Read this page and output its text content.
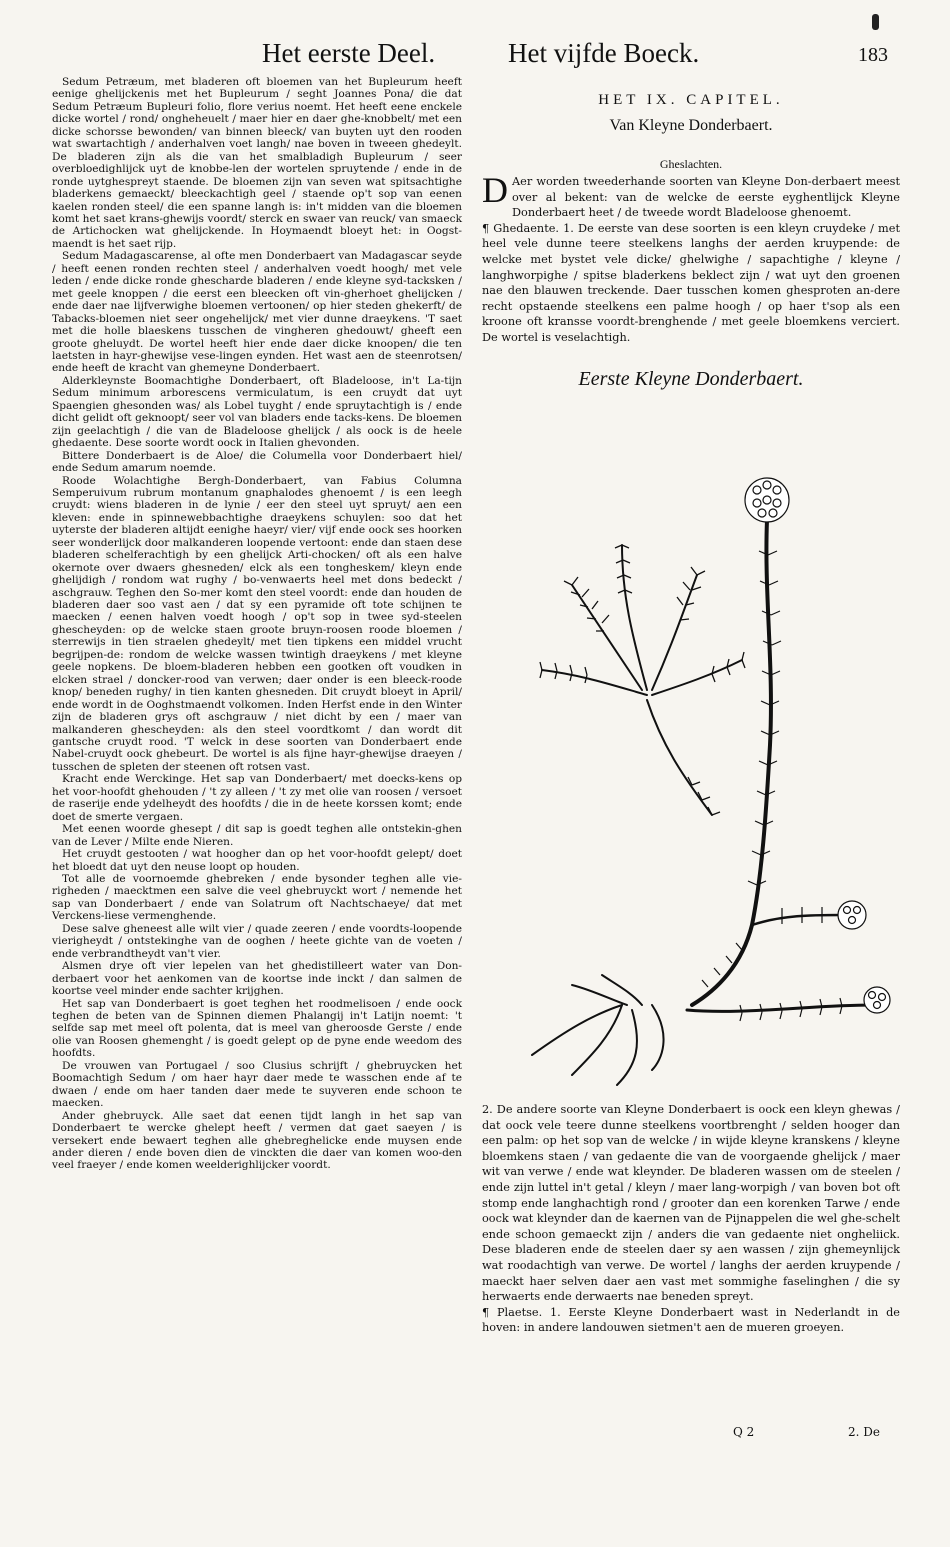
Het eerste Deel.	Het vijfde Boeck.	183

Sedum Petræum, met bladeren oft bloemen van het Bupleurum heeft eenige ghelijckenis met het Bupleurum / seght Joannes Pona/ die dat Sedum Petræum Bupleuri folio, flore verius noemt. Het heeft eene enckele dicke wortel / rond/ ongheheuelt / maer hier en daer ghe-knobbelt/ met een dicke schorsse bewonden/ van binnen bleeck/ van buyten uyt den rooden wat swartachtigh / anderhalven voet langh/ nae boven in tweeen ghedeylt. De bladeren zijn als die van het smalbladigh Bupleurum / seer overbloedighlijck uyt de knobbe-len der wortelen spruytende / ende in de ronde uytghespreyt staende. De bloemen zijn van seven wat spitsachtighe bladerkens gemaeckt/ bleeckachtigh geel / staende op't sop van eenen kaelen ronden steel/ die een spanne langh is: in't midden van die bloemen komt het saet krans-ghewijs voordt/ sterck en swaer van reuck/ van smaeck de Artichocken wat ghelijckende. In Hoymaendt bloeyt het: in Oogst-maendt is het saet rijp.

Sedum Madagascarense, al ofte men Donderbaert van Madagascar seyde / heeft eenen ronden rechten steel / anderhalven voedt hoogh/ met vele leden / ende dicke ronde ghescharde bladeren / ende kleyne syd-tacksken / met geele knoppen / die eerst een bleecken oft vin-gherhoet ghelijcken / ende daer nae lijfverwighe bloemen vertoonen/ op hier steden ghekerft/ de Tabacks-bloemen niet seer ongehelijck/ met vier dunne draeykens. 'T saet met die holle blaeskens tusschen de vingheren ghedouwt/ gheeft een groote gheluydt. De wortel heeft hier ende daer dicke knoopen/ die ten laetsten in hayr-ghewijse vese-lingen eynden. Het wast aen de steenrotsen/ ende heeft de kracht van ghemeyne Donderbaert.

Alderkleynste Boomachtighe Donderbaert, oft Bladeloose, in't La-tijn Sedum minimum arborescens vermiculatum, is een cruydt dat uyt Spaengien ghesonden was/ als Lobel tuyght / ende spruytachtigh is / ende dicht gelidt oft geknoopt/ seer vol van bladers ende tacks-kens. De bloemen zijn geelachtigh / die van de Bladeloose ghelijck / als oock is de heele ghedaente. Dese soorte wordt oock in Italien ghevonden.

Bittere Donderbaert is de Aloe/ die Columella voor Donderbaert hiel/ ende Sedum amarum noemde.

Roode Wolachtighe Bergh-Donderbaert, van Fabius Columna Semperuivum rubrum montanum gnaphalodes ghenoemt / is een leegh cruydt: wiens bladeren in de lynie / eer den steel uyt spruyt/ aen een kleven: ende in spinnewebbachtighe draeykens schuylen: soo dat het uyterste der bladeren altijdt eenighe haeyr/ vier/ vijf ende oock ses hoorken seer wonderlijck door malkanderen loopende vertoont: ende dan staen dese bladeren schelferachtigh by een ghelijck Arti-chocken/ oft als een halve okernote over dwaers ghesneden/ elck als een tongheskem/ kleyn ende ghelijdigh / rondom wat rughy / bo-venwaerts heel met dons bedeckt / aschgrauw. Teghen den So-mer komt den steel voordt: ende dan houden de bladeren daer soo vast aen / dat sy een pyramide oft tote schijnen te maecken / eenen halven voedt hoogh / op't sop in twee syd-steelen ghescheyden: op de welcke staen groote bruyn-roosen roode bloemen / sterrewijs in tien straelen ghedeylt/ met tien tipkens een middel vrucht begrijpen-de: rondom de welcke wassen twintigh draeykens / met kleyne geele nopkens. De bloem-bladeren hebben een gootken oft voudken in elcken strael / doncker-rood van verwen; daer onder is een bleeck-roode knop/ beneden rughy/ in tien kanten ghesneden. Dit cruydt bloeyt in April/ ende wordt in de Ooghstmaendt volkomen. Inden Herfst ende in den Winter zijn de bladeren grys oft aschgrauw / niet dicht by een / maer van malkanderen ghescheyden: als den steel voordtkomt / dan wordt dit gantsche cruydt rood. 'T welck in dese soorten van Donderbaert ende Nabel-cruydt oock ghebeurt. De wortel is als fijne hayr-ghewijse draeyen / tusschen de spleten der steenen oft rotsen vast.

Kracht ende Werckinge. Het sap van Donderbaert/ met doecks-kens op het voor-hoofdt ghehouden / 't zy alleen / 't zy met olie van roosen / versoet de raserije ende ydelheydt des hoofdts / die in de heete korssen komt; ende doet de smerte vergaen.

Met eenen woorde ghesept / dit sap is goedt teghen alle ontstekin-ghen van de Lever / Milte ende Nieren.

Het cruydt gestooten / wat hoogher dan op het voor-hoofdt gelept/ doet het bloedt dat uyt den neuse loopt op houden.

Tot alle de voornoemde ghebreken / ende bysonder teghen alle vie-righeden / maecktmen een salve die veel ghebruyckt wort / nemende het sap van Donderbaert / ende van Solatrum oft Nachtschaeye/ dat met Verckens-liese vermenghende.

Dese salve gheneest alle wilt vier / quade zeeren / ende voordts-loopende vierigheydt / ontstekinghe van de ooghen / heete gichte van de voeten / ende verbrandtheydt van't vier.

Alsmen drye oft vier lepelen van het ghedistilleert water van Don-derbaert voor het aenkomen van de koortse inde inckt / dan salmen de koortse veel minder ende sachter krijghen.

Het sap van Donderbaert is goet teghen het roodmelisoen / ende oock teghen de beten van de Spinnen diemen Phalangij in't Latijn noemt: 't selfde sap met meel oft polenta, dat is meel van gheroosde Gerste / ende olie van Roosen ghemenght / is goedt gelept op de pyne ende weedom des hoofdts.

De vrouwen van Portugael / soo Clusius schrijft / ghebruycken het Boomachtigh Sedum / om haer hayr daer mede te wasschen ende af te dwaen / ende om haer tanden daer mede te suyveren ende schoon te maecken.

Ander ghebruyck. Alle saet dat eenen tijdt langh in het sap van Donderbaert te wercke ghelept heeft / vermen dat gaet saeyen / is versekert ende bewaert teghen alle ghebreghelicke ende muysen ende ander dieren / ende boven dien de vinckten die daer van komen woo-den veel fraeyer / ende komen weelderighlijcker voordt.

HET IX. CAPITEL.

Van Kleyne Donderbaert.

Gheslachten.

D Aer worden tweederhande soorten van Kleyne Don-derbaert meest over al bekent: van de welcke de eerste eyghentlijck Kleyne Donderbaert heet / de tweede wordt Bladeloose ghenoemt.

¶ Ghedaente. 1. De eerste van dese soorten is een kleyn cruydeke / met heel vele dunne teere steelkens langhs der aerden kruypende: de welcke met bystet vele dicke/ ghelwighe / sapachtighe / kleyne / langhworpighe / spitse bladerkens beklect zijn / wat uyt den groenen nae den blauwen treckende. Daer tusschen komen ghesproten an-dere recht opstaende steelkens een palme hoogh / op haer t'sop als een kroone oft kransse voordt-brenghende / met geele bloemkens verciert. De wortel is veselachtigh.

Eerste Kleyne Donderbaert.

2. De andere soorte van Kleyne Donderbaert is oock een kleyn ghewas / dat oock vele teere dunne steelkens voortbrenght / selden hooger dan een palm: op het sop van de welcke / in wijde kleyne kranskens / kleyne bloemkens staen / van gedaente die van de voorgaende ghelijck / maer wit van verwe / ende wat kleynder. De bladeren wassen om de steelen / ende zijn luttel in't getal / kleyn / maer lang-worpigh / van boven bot oft stomp ende langhachtigh rond / grooter dan een korenken Tarwe / ende oock wat kleynder dan de kaernen van de Pijnappelen die wel ghe-schelt ende schoon gemaeckt zijn / anders die van gedaente niet ongheliick. Dese bladeren ende de steelen daer sy aen wassen / zijn ghemeynlijck wat roodachtigh van verwe. De wortel / langhs der aerden kruypende / maeckt haer selven daer aen vast met sommighe faselinghen / die sy herwaerts ende derwaerts nae beneden spreyt.

¶ Plaetse. 1. Eerste Kleyne Donderbaert wast in Nederlandt in de hoven: in andere landouwen sietmen't aen de mueren groeyen.

Q 2	2. De
